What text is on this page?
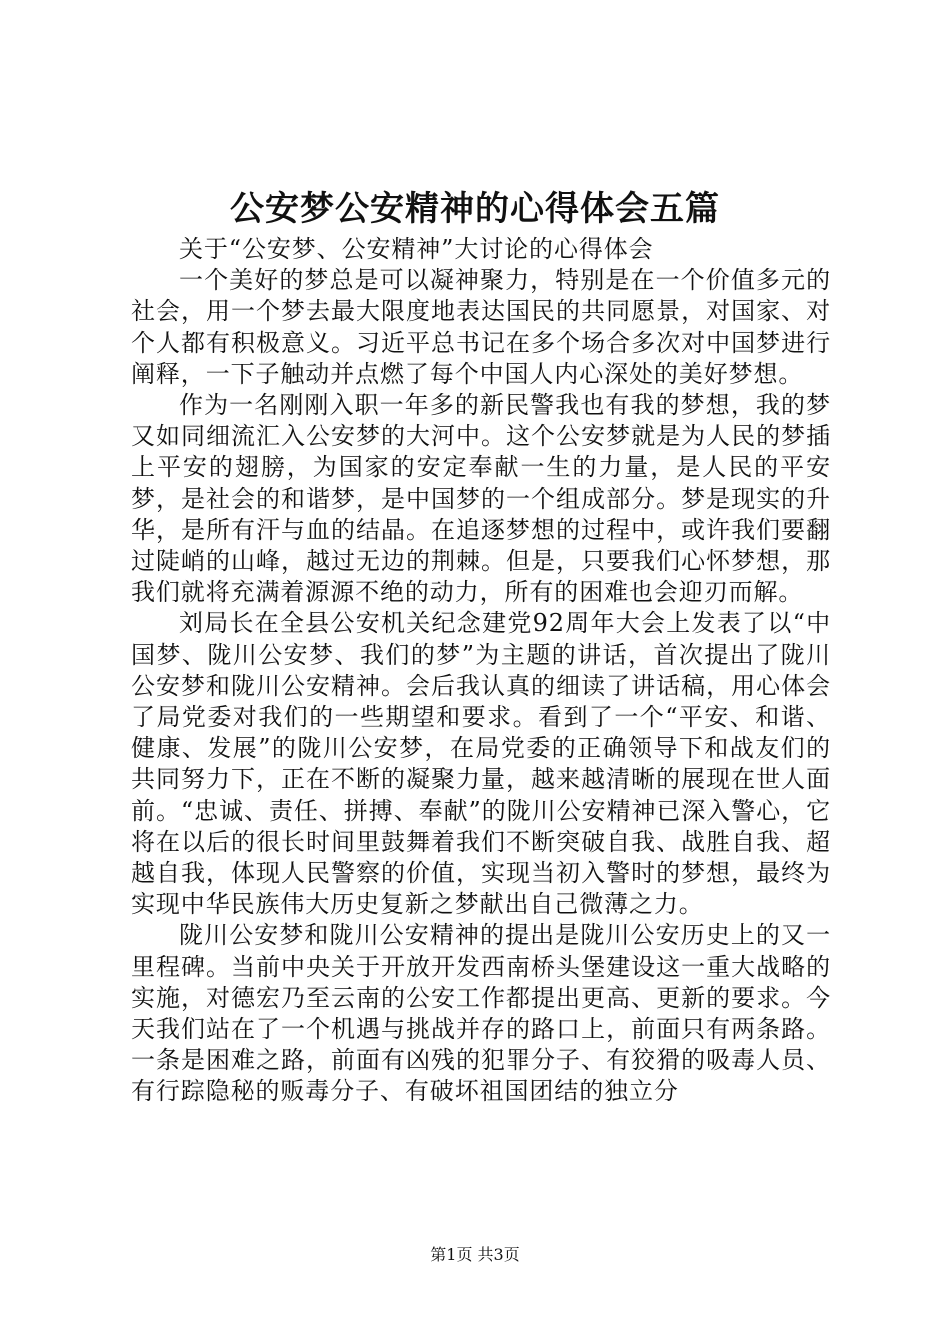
公安梦公安精神的心得体会五篇

关于“公安梦、公安精神”大讨论的心得体会

一个美好的梦总是可以凝神聚力，特别是在一个价值多元的社会，用一个梦去最大限度地表达国民的共同愿景，对国家、对个人都有积极意义。习近平总书记在多个场合多次对中国梦进行阐释，一下子触动并点燃了每个中国人内心深处的美好梦想。

作为一名刚刚入职一年多的新民警我也有我的梦想，我的梦又如同细流汇入公安梦的大河中。这个公安梦就是为人民的梦插上平安的翅膀，为国家的安定奉献一生的力量，是人民的平安梦，是社会的和谐梦，是中国梦的一个组成部分。梦是现实的升华，是所有汗与血的结晶。在追逐梦想的过程中，或许我们要翻过陡峭的山峰，越过无边的荆棘。但是，只要我们心怀梦想，那我们就将充满着源源不绝的动力，所有的困难也会迎刃而解。

刘局长在全县公安机关纪念建党92周年大会上发表了以“中国梦、陇川公安梦、我们的梦”为主题的讲话，首次提出了陇川公安梦和陇川公安精神。会后我认真的细读了讲话稿，用心体会了局党委对我们的一些期望和要求。看到了一个“平安、和谐、健康、发展”的陇川公安梦，在局党委的正确领导下和战友们的共同努力下，正在不断的凝聚力量，越来越清晰的展现在世人面前。“忠诚、责任、拼搏、奉献”的陇川公安精神已深入警心，它将在以后的很长时间里鼓舞着我们不断突破自我、战胜自我、超越自我，体现人民警察的价值，实现当初入警时的梦想，最终为实现中华民族伟大历史复新之梦献出自己微薄之力。

陇川公安梦和陇川公安精神的提出是陇川公安历史上的又一里程碑。当前中央关于开放开发西南桥头堡建设这一重大战略的实施，对德宏乃至云南的公安工作都提出更高、更新的要求。今天我们站在了一个机遇与挑战并存的路口上，前面只有两条路。一条是困难之路，前面有凶残的犯罪分子、有狡猾的吸毒人员、有行踪隐秘的贩毒分子、有破坏祖国团结的独立分

第1页 共3页
